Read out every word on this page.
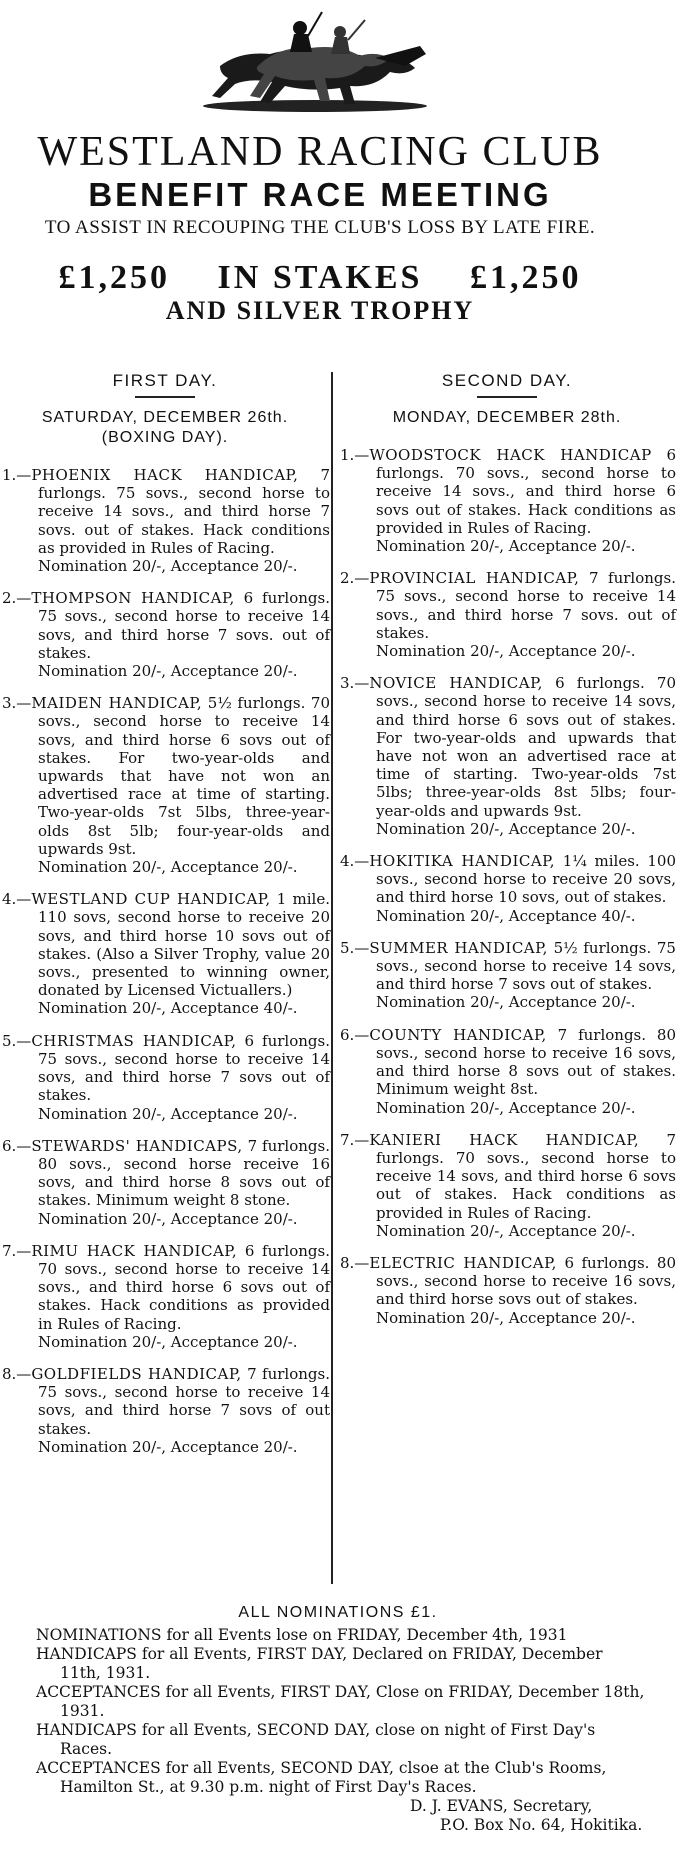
WESTLAND RACING CLUB
BENEFIT RACE MEETING

TO ASSIST IN RECOUPING THE CLUB'S LOSS BY LATE FIRE.

£1,250 IN STAKES £1,250

AND SILVER TROPHY

FIRST DAY.

SATURDAY, DECEMBER 26th.

(BOXING DAY).

1.—PHOENIX HACK HANDICAP, 7 furlongs. 75 sovs., second horse to receive 14 sovs., and third horse 7 sovs. out of stakes. Hack conditions as provided in Rules of Racing.
Nomination 20/-, Acceptance 20/-.
2.—THOMPSON HANDICAP, 6 furlongs. 75 sovs., second horse to receive 14 sovs, and third horse 7 sovs. out of stakes.
Nomination 20/-, Acceptance 20/-.
3.—MAIDEN HANDICAP, 5½ furlongs. 70 sovs., second horse to receive 14 sovs, and third horse 6 sovs out of stakes. For two-year-olds and upwards that have not won an advertised race at time of starting. Two-year-olds 7st 5lbs, three-year-olds 8st 5lb; four-year-olds and upwards 9st.
Nomination 20/-, Acceptance 20/-.
4.—WESTLAND CUP HANDICAP, 1 mile. 110 sovs, second horse to receive 20 sovs, and third horse 10 sovs out of stakes. (Also a Silver Trophy, value 20 sovs., presented to winning owner, donated by Licensed Victuallers.)
Nomination 20/-, Acceptance 40/-.
5.—CHRISTMAS HANDICAP, 6 furlongs. 75 sovs., second horse to receive 14 sovs, and third horse 7 sovs out of stakes.
Nomination 20/-, Acceptance 20/-.
6.—STEWARDS' HANDICAPS, 7 furlongs. 80 sovs., second horse receive 16 sovs, and third horse 8 sovs out of stakes. Minimum weight 8 stone.
Nomination 20/-, Acceptance 20/-.
7.—RIMU HACK HANDICAP, 6 furlongs. 70 sovs., second horse to receive 14 sovs., and third horse 6 sovs out of stakes. Hack conditions as provided in Rules of Racing.
Nomination 20/-, Acceptance 20/-.
8.—GOLDFIELDS HANDICAP, 7 furlongs. 75 sovs., second horse to receive 14 sovs, and third horse 7 sovs of out stakes.
Nomination 20/-, Acceptance 20/-.

SECOND DAY.

MONDAY, DECEMBER 28th.

1.—WOODSTOCK HACK HANDICAP 6 furlongs. 70 sovs., second horse to receive 14 sovs., and third horse 6 sovs out of stakes. Hack conditions as provided in Rules of Racing.
Nomination 20/-, Acceptance 20/-.
2.—PROVINCIAL HANDICAP, 7 furlongs. 75 sovs., second horse to receive 14 sovs., and third horse 7 sovs. out of stakes.
Nomination 20/-, Acceptance 20/-.
3.—NOVICE HANDICAP, 6 furlongs. 70 sovs., second horse to receive 14 sovs, and third horse 6 sovs out of stakes. For two-year-olds and upwards that have not won an advertised race at time of starting. Two-year-olds 7st 5lbs; three-year-olds 8st 5lbs; four-year-olds and upwards 9st.
Nomination 20/-, Acceptance 20/-.
4.—HOKITIKA HANDICAP, 1¼ miles. 100 sovs., second horse to receive 20 sovs, and third horse 10 sovs, out of stakes.
Nomination 20/-, Acceptance 40/-.
5.—SUMMER HANDICAP, 5½ furlongs. 75 sovs., second horse to receive 14 sovs, and third horse 7 sovs out of stakes.
Nomination 20/-, Acceptance 20/-.
6.—COUNTY HANDICAP, 7 furlongs. 80 sovs., second horse to receive 16 sovs, and third horse 8 sovs out of stakes. Minimum weight 8st.
Nomination 20/-, Acceptance 20/-.
7.—KANIERI HACK HANDICAP, 7 furlongs. 70 sovs., second horse to receive 14 sovs, and third horse 6 sovs out of stakes. Hack conditions as provided in Rules of Racing.
Nomination 20/-, Acceptance 20/-.
8.—ELECTRIC HANDICAP, 6 furlongs. 80 sovs., second horse to receive 16 sovs, and third horse sovs out of stakes.
Nomination 20/-, Acceptance 20/-.

ALL NOMINATIONS £1.

NOMINATIONS for all Events lose on FRIDAY, December 4th, 1931

HANDICAPS for all Events, FIRST DAY, Declared on FRIDAY, December 11th, 1931.

ACCEPTANCES for all Events, FIRST DAY, Close on FRIDAY, December 18th, 1931.

HANDICAPS for all Events, SECOND DAY, close on night of First Day's Races.

ACCEPTANCES for all Events, SECOND DAY, clsoe at the Club's Rooms, Hamilton St., at 9.30 p.m. night of First Day's Races.

D. J. EVANS, Secretary,

P.O. Box No. 64, Hokitika.
